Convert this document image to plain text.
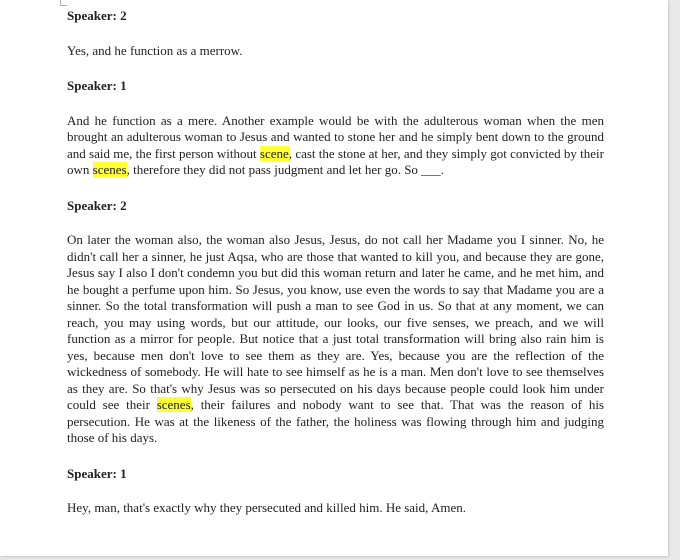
Speaker: 2

Yes, and he function as a merrow.

Speaker: 1

And he function as a mere. Another example would be with the adulterous woman when the men brought an adulterous woman to Jesus and wanted to stone her and he simply bent down to the ground and said me, the first person without scene, cast the stone at her, and they simply got convicted by their own scenes, therefore they did not pass judgment and let her go. So ___.

Speaker: 2

On later the woman also, the woman also Jesus, Jesus, do not call her Madame you I sinner. No, he didn't call her a sinner, he just Aqsa, who are those that wanted to kill you, and because they are gone, Jesus say I also I don't condemn you but did this woman return and later he came, and he met him, and he bought a perfume upon him. So Jesus, you know, use even the words to say that Madame you are a sinner. So the total transformation will push a man to see God in us. So that at any moment, we can reach, you may using words, but our attitude, our looks, our five senses, we preach, and we will function as a mirror for people. But notice that a just total transformation will bring also rain him is yes, because men don't love to see them as they are. Yes, because you are the reflection of the wickedness of somebody. He will hate to see himself as he is a man. Men don't love to see themselves as they are. So that's why Jesus was so persecuted on his days because people could look him under could see their scenes, their failures and nobody want to see that. That was the reason of his persecution. He was at the likeness of the father, the holiness was flowing through him and judging those of his days.

Speaker: 1

Hey, man, that's exactly why they persecuted and killed him. He said, Amen.
